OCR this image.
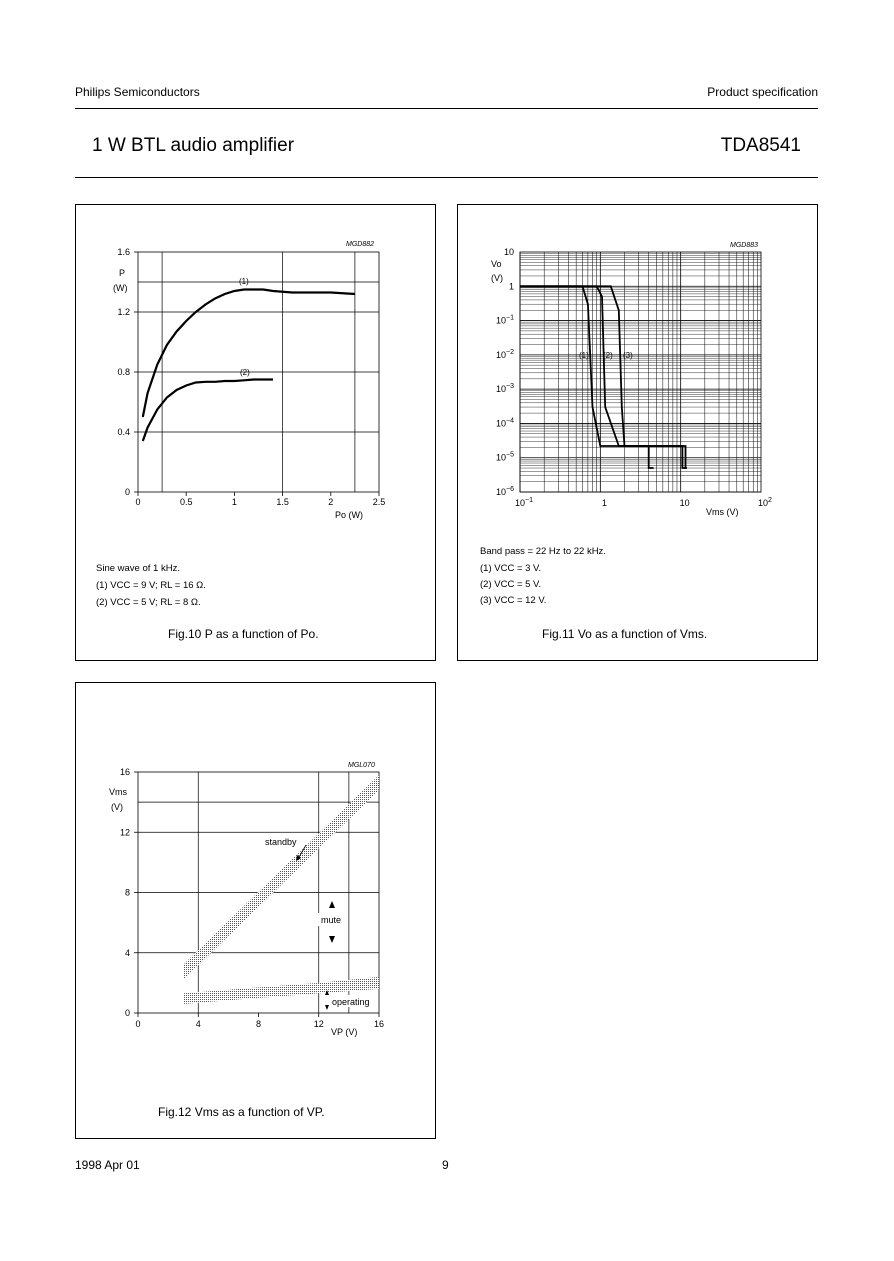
Philips Semiconductors	Product specification
1 W BTL audio amplifier	TDA8541
MGD882
P
(W)
Po (W)
0	0.5	1	1.5	2	2.5
0
0.4
0.8
1.2
1.6
(1)
(2)
Sine wave of 1 kHz.
(1) VCC = 9 V; RL = 16 Ω.
(2) VCC = 5 V; RL = 8 Ω.
Fig.10 P as a function of Po.
MGD883
Vo
(V)
Vms (V)
$10^{-1}$	1	10	$10^2$
10
1
$10^{-1}$
$10^{-2}$
$10^{-3}$
$10^{-4}$
$10^{-5}$
$10^{-6}$
(1) (2) (3)
Band pass = 22 Hz to 22 kHz.
(1) VCC = 3 V.
(2) VCC = 5 V.
(3) VCC = 12 V.
Fig.11 Vo as a function of Vms.
MGL070
Vms
(V)
VP (V)
0	4	8	12	16
0
4
8
12
16
standby
mute
operating
Fig.12 Vms as a function of VP.
1998 Apr 01	9
